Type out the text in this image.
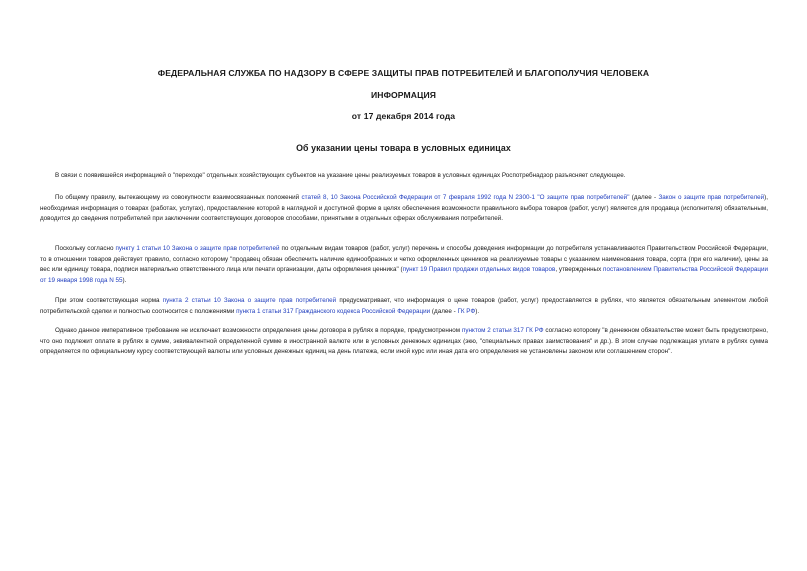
ФЕДЕРАЛЬНАЯ СЛУЖБА ПО НАДЗОРУ В СФЕРЕ ЗАЩИТЫ ПРАВ ПОТРЕБИТЕЛЕЙ И БЛАГОПОЛУЧИЯ ЧЕЛОВЕКА
ИНФОРМАЦИЯ
от 17 декабря 2014 года
Об указании цены товара в условных единицах

В связи с появившейся информацией о "переходе" отдельных хозяйствующих субъектов на указание цены реализуемых товаров в условных единицах Роспотребнадзор разъясняет следующее.

По общему правилу, вытекающему из совокупности взаимосвязанных положений статей 8, 10 Закона Российской Федерации от 7 февраля 1992 года N 2300-1 "О защите прав потребителей" (далее - Закон о защите прав потребителей), необходимая информация о товарах (работах, услугах), предоставление которой в наглядной и доступной форме в целях обеспечения возможности правильного выбора товаров (работ, услуг) является для продавца (исполнителя) обязательным, доводится до сведения потребителей при заключении соответствующих договоров способами, принятыми в отдельных сферах обслуживания потребителей.

Поскольку согласно пункту 1 статьи 10 Закона о защите прав потребителей по отдельным видам товаров (работ, услуг) перечень и способы доведения информации до потребителя устанавливаются Правительством Российской Федерации, то в отношении товаров действует правило, согласно которому "продавец обязан обеспечить наличие единообразных и четко оформленных ценников на реализуемые товары с указанием наименования товара, сорта (при его наличии), цены за вес или единицу товара, подписи материально ответственного лица или печати организации, даты оформления ценника" (пункт 19 Правил продажи отдельных видов товаров, утвержденных постановлением Правительства Российской Федерации от 19 января 1998 года N 55).

При этом соответствующая норма пункта 2 статьи 10 Закона о защите прав потребителей предусматривает, что информация о цене товаров (работ, услуг) предоставляется в рублях, что является обязательным элементом любой потребительской сделки и полностью соотносится с положениями пункта 1 статьи 317 Гражданского кодекса Российской Федерации (далее - ГК РФ).

Однако данное императивное требование не исключает возможности определения цены договора в рублях в порядке, предусмотренном пунктом 2 статьи 317 ГК РФ согласно которому "в денежном обязательстве может быть предусмотрено, что оно подлежит оплате в рублях в сумме, эквивалентной определенной сумме в иностранной валюте или в условных денежных единицах (экю, "специальных правах заимствования" и др.). В этом случае подлежащая уплате в рублях сумма определяется по официальному курсу соответствующей валюты или условных денежных единиц на день платежа, если иной курс или иная дата его определения не установлены законом или соглашением сторон".
